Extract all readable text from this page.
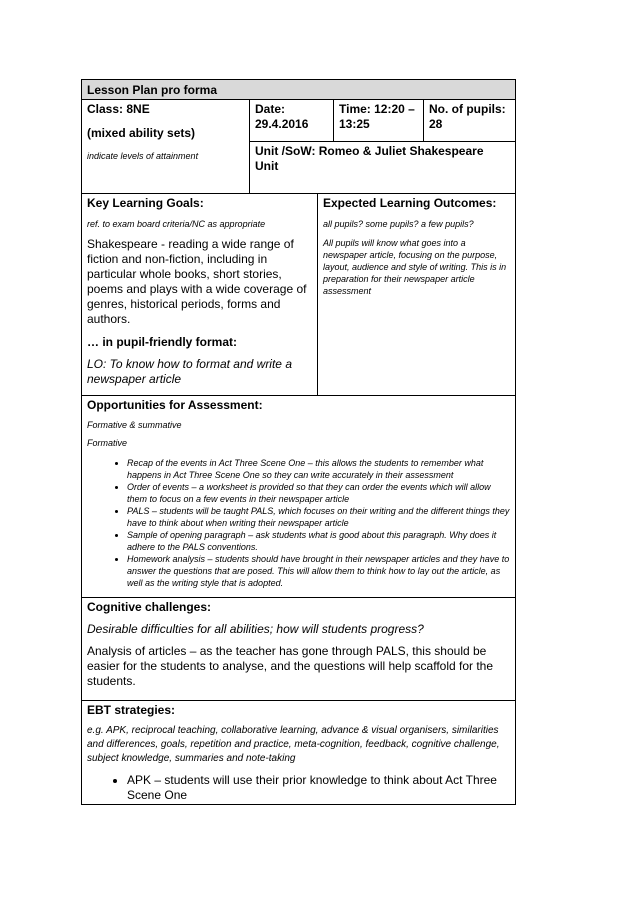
Lesson Plan pro forma

Class: 8NE

(mixed ability sets)

indicate levels of attainment

Date:

29.4.2016

Time: 12:20 –

13:25

No. of pupils:

28

Unit /SoW: Romeo & Juliet Shakespeare Unit

Key Learning Goals:

ref. to exam board criteria/NC as appropriate

Shakespeare - reading a wide range of fiction and non-fiction, including in particular whole books, short stories, poems and plays with a wide coverage of genres, historical periods, forms and authors.

… in pupil-friendly format:

LO: To know how to format and write a newspaper article

Expected Learning Outcomes:

all pupils? some pupils? a few pupils?

All pupils will know what goes into a newspaper article, focusing on the purpose, layout, audience and style of writing. This is in preparation for their newspaper article assessment

Opportunities for Assessment:

Formative & summative

Formative

• Recap of the events in Act Three Scene One – this allows the students to remember what happens in Act Three Scene One so they can write accurately in their assessment
• Order of events – a worksheet is provided so that they can order the events which will allow them to focus on a few events in their newspaper article
• PALS – students will be taught PALS, which focuses on their writing and the different things they have to think about when writing their newspaper article
• Sample of opening paragraph – ask students what is good about this paragraph. Why does it adhere to the PALS conventions.
• Homework analysis – students should have brought in their newspaper articles and they have to answer the questions that are posed. This will allow them to think how to lay out the article, as well as the writing style that is adopted.

Cognitive challenges:

Desirable difficulties for all abilities; how will students progress?

Analysis of articles – as the teacher has gone through PALS, this should be easier for the students to analyse, and the questions will help scaffold for the students.

EBT strategies:

e.g. APK, reciprocal teaching, collaborative learning, advance & visual organisers, similarities and differences, goals, repetition and practice, meta-cognition, feedback, cognitive challenge, subject knowledge, summaries and note-taking

• APK – students will use their prior knowledge to think about Act Three Scene One
